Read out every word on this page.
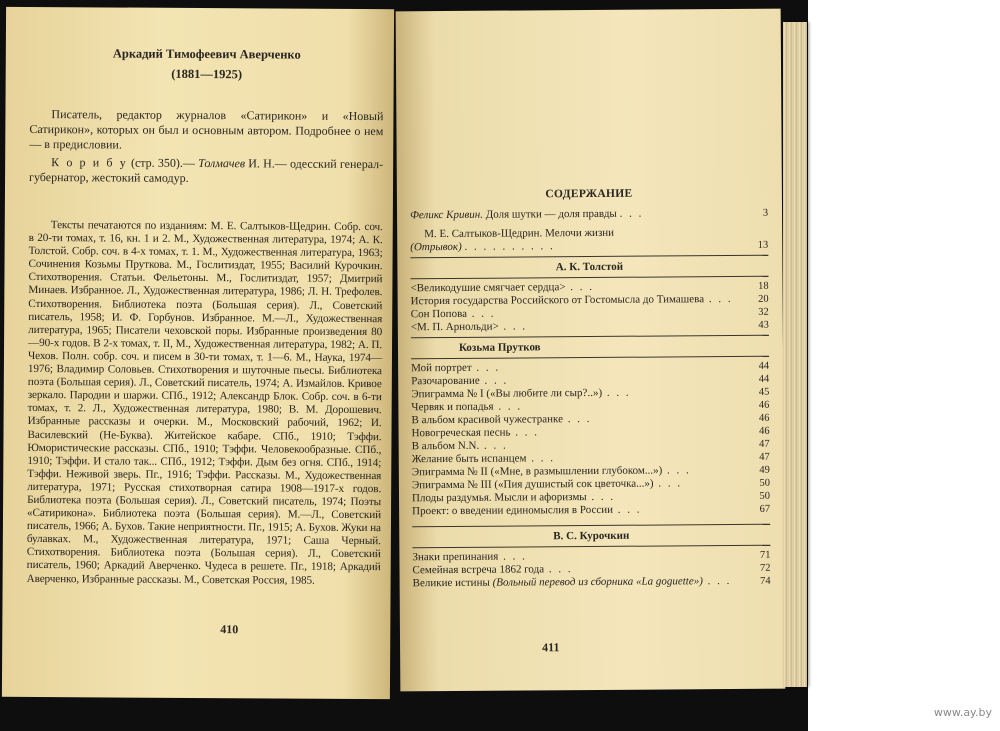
Аркадий Тимофеевич Аверченко
(1881—1925)

Писатель, редактор журналов «Сатирикон» и «Новый Сатирикон», которых он был и основным автором. Подробнее о нем — в предисловии.

К о р и б у (стр. 350).— Толмачев И. Н.— одесский генерал-губернатор, жестокий самодур.

Тексты печатаются по изданиям: М. Е. Салтыков-Щедрин. Собр. соч. в 20-ти томах, т. 16, кн. 1 и 2. М., Художественная литература, 1974; А. К. Толстой. Собр. соч. в 4-х томах, т. 1. М., Художественная литература, 1963; Сочинения Козьмы Пруткова. М., Гослитиздат, 1955; Василий Курочкин. Стихотворения. Статьи. Фельетоны. М., Гослитиздат, 1957; Дмитрий Минаев. Избранное. Л., Художественная литература, 1986; Л. Н. Трефолев. Стихотворения. Библиотека поэта (Большая серия). Л., Советский писатель, 1958; И. Ф. Горбунов. Избранное. М.—Л., Художественная литература, 1965; Писатели чеховской поры. Избранные произведения 80—90-х годов. В 2-х томах, т. II, М., Художественная литература, 1982; А. П. Чехов. Полн. собр. соч. и писем в 30-ти томах, т. 1—6. М., Наука, 1974—1976; Владимир Соловьев. Стихотворения и шуточные пьесы. Библиотека поэта (Большая серия). Л., Советский писатель, 1974; А. Измайлов. Кривое зеркало. Пародии и шаржи. СПб., 1912; Александр Блок. Собр. соч. в 6-ти томах, т. 2. Л., Художественная литература, 1980; В. М. Дорошевич. Избранные рассказы и очерки. М., Московский рабочий, 1962; И. Василевский (Не-Буква). Житейское кабаре. СПб., 1910; Тэффи. Юмористические рассказы. СПб., 1910; Тэффи. Человекообразные. СПб., 1910; Тэффи. И стало так... СПб., 1912; Тэффи. Дым без огня. СПб., 1914; Тэффи. Неживой зверь. Пг., 1916; Тэффи. Рассказы. М., Художественная литература, 1971; Русская стихотворная сатира 1908—1917-х годов. Библиотека поэта (Большая серия). Л., Советский писатель, 1974; Поэты «Сатирикона». Библиотека поэта (Большая серия). М.—Л., Советский писатель, 1966; А. Бухов. Такие неприятности. Пг., 1915; А. Бухов. Жуки на булавках. М., Художественная литература, 1971; Саша Черный. Стихотворения. Библиотека поэта (Большая серия). Л., Советский писатель, 1960; Аркадий Аверченко. Чудеса в решете. Пг., 1918; Аркадий Аверченко, Избранные рассказы. М., Советская Россия, 1985.

410
СОДЕРЖАНИЕ
Феликс Кривин. Доля шутки — доля правды . . .	3
М. Е. Салтыков-Щедрин. Мелочи жизни
(Отрывок) . . . . . . . . . .	13
А. К. Толстой
<Великодушие смягчает сердца> . . .	18
История государства Российского от Гостомысла до Тимашева . . .	20
Сон Попова . . .	32
<М. П. Арнольди> . . .	43
Козьма Прутков
Мой портрет . . .	44
Разочарование . . .	44
Эпиграмма № I («Вы любите ли сыр?..») . . .	45
Червяк и попадья . . .	46
В альбом красивой чужестранке . . .	46
Новогреческая песнь . . .	46
В альбом N.N. . . .	47
Желание быть испанцем . . .	47
Эпиграмма № II («Мне, в размышлении глубоком...») . . .	49
Эпиграмма № III («Пия душистый сок цветочка...») . . .	50
Плоды раздумья. Мысли и афоризмы . . .	50
Проект: о введении единомыслия в России . . .	67
В. С. Курочкин
Знаки препинания . . .	71
Семейная встреча 1862 года . . .	72
Великие истины (Вольный перевод из сборника «La goguette») . . .	74
411
www.ay.by
